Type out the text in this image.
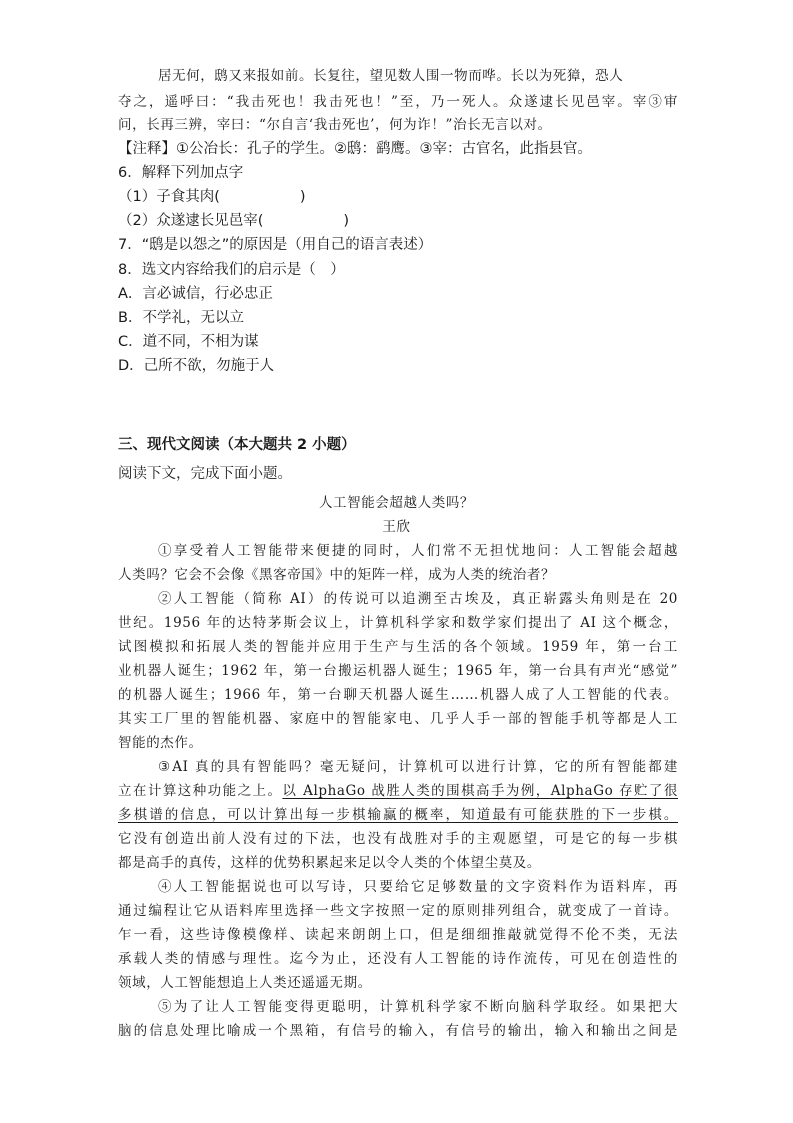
居无何，鸱又来报如前。长复往，望见数人围一物而哗。长以为死獐，恐人
夺之，遥呼曰：“我击死也！我击死也！”至，乃一死人。众遂逮长见邑宰。宰③审
问，长再三辨，宰曰：“尔自言‘我击死也’，何为诈！”治长无言以对。
【注释】①公冶长：孔子的学生。②鸱：鹞鹰。③宰：古官名，此指县官。
6．解释下列加点字
（1）子食其肉(	)
（2）众遂逮长见邑宰(	)
7．“鸱是以怨之”的原因是（用自己的语言表述）
8．选文内容给我们的启示是（　）
A．言必诚信，行必忠正
B．不学礼，无以立
C．道不同，不相为谋
D．己所不欲，勿施于人
三、现代文阅读（本大题共 2 小题）
阅读下文，完成下面小题。
人工智能会超越人类吗？
王欣
①享受着人工智能带来便捷的同时，人们常不无担忧地问：人工智能会超越
人类吗？它会不会像《黑客帝国》中的矩阵一样，成为人类的统治者？
②人工智能（简称 AI）的传说可以追溯至古埃及，真正崭露头角则是在 20
世纪。1956 年的达特茅斯会议上，计算机科学家和数学家们提出了 AI 这个概念，
试图模拟和拓展人类的智能并应用于生产与生活的各个领域。1959 年，第一台工
业机器人诞生；1962 年，第一台搬运机器人诞生；1965 年，第一台具有声光“感觉”
的机器人诞生；1966 年，第一台聊天机器人诞生……机器人成了人工智能的代表。
其实工厂里的智能机器、家庭中的智能家电、几乎人手一部的智能手机等都是人工
智能的杰作。
③AI 真的具有智能吗？毫无疑问，计算机可以进行计算，它的所有智能都建
立在计算这种功能之上。以 AlphaGo 战胜人类的围棋高手为例，AlphaGo 存贮了很
多棋谱的信息，可以计算出每一步棋输赢的概率，知道最有可能获胜的下一步棋。
它没有创造出前人没有过的下法，也没有战胜对手的主观愿望，可是它的每一步棋
都是高手的真传，这样的优势积累起来足以令人类的个体望尘莫及。
④人工智能据说也可以写诗，只要给它足够数量的文字资料作为语料库，再
通过编程让它从语料库里选择一些文字按照一定的原则排列组合，就变成了一首诗。
乍一看，这些诗像模像样、读起来朗朗上口，但是细细推敲就觉得不伦不类，无法
承载人类的情感与理性。迄今为止，还没有人工智能的诗作流传，可见在创造性的
领域，人工智能想追上人类还遥遥无期。
⑤为了让人工智能变得更聪明，计算机科学家不断向脑科学取经。如果把大
脑的信息处理比喻成一个黑箱，有信号的输入，有信号的输出，输入和输出之间是
